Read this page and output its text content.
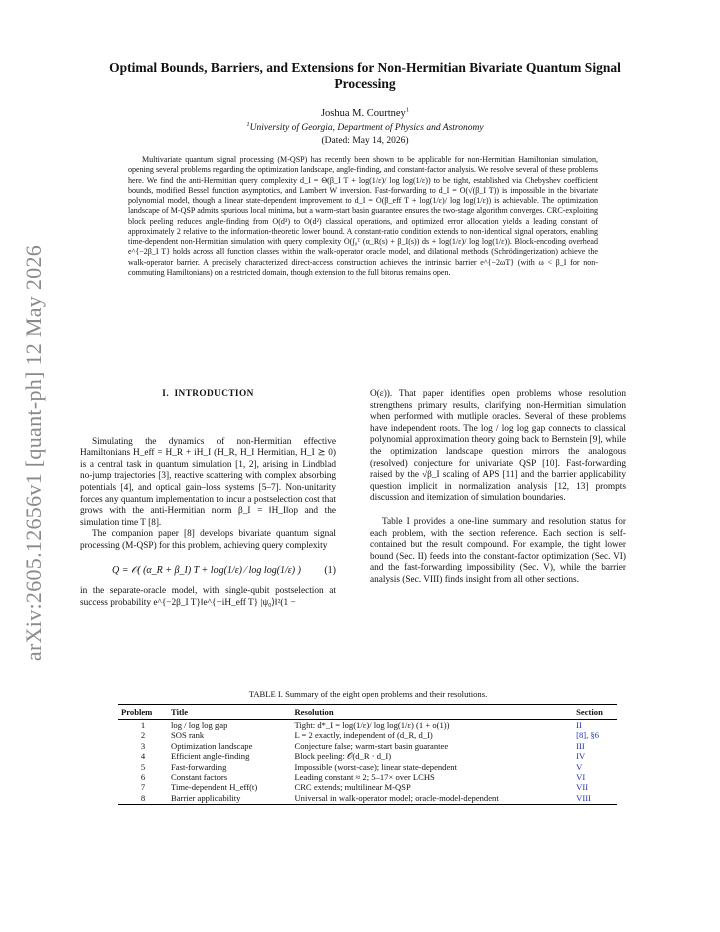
arXiv:2605.12656v1 [quant-ph] 12 May 2026
Optimal Bounds, Barriers, and Extensions for Non-Hermitian Bivariate Quantum Signal Processing
Joshua M. Courtney$^1$
$^1$University of Georgia, Department of Physics and Astronomy
(Dated: May 14, 2026)

Multivariate quantum signal processing (M-QSP) has recently been shown to be applicable for non-Hermitian Hamiltonian simulation, opening several problems regarding the optimization landscape, angle-finding, and constant-factor analysis. We resolve several of these problems here. We find the anti-Hermitian query complexity d_I = Θ(β_I T + log(1/ε)/ log log(1/ε)) to be tight, established via Chebyshev coefficient bounds, modified Bessel function asymptotics, and Lambert W inversion. Fast-forwarding to d_I = O(√(β_I T)) is impossible in the bivariate polynomial model, though a linear state-dependent improvement to d_I = O(β_eff T + log(1/ε)/ log log(1/ε)) is achievable. The optimization landscape of M-QSP admits spurious local minima, but a warm-start basin guarantee ensures the two-stage algorithm converges. CRC-exploiting block peeling reduces angle-finding from O(d³) to O(d²) classical operations, and optimized error allocation yields a leading constant of approximately 2 relative to the information-theoretic lower bound. A constant-ratio condition extends to non-identical signal operators, enabling time-dependent non-Hermitian simulation with query complexity O(∫₀ᵀ (α_R(s) + β_I(s)) ds + log(1/ε)/ log log(1/ε)). Block-encoding overhead e^{−2β_I T} holds across all function classes within the walk-operator oracle model, and dilational methods (Schrödingerization) achieve the walk-operator barrier. A precisely characterized direct-access construction achieves the intrinsic barrier e^{−2ωT} (with ω < β_I for non-commuting Hamiltonians) on a restricted domain, though extension to the full bitorus remains open.

I. INTRODUCTION

Simulating the dynamics of non-Hermitian effective Hamiltonians H_eff = H_R + iH_I (H_R, H_I Hermitian, H_I ⪰ 0) is a central task in quantum simulation [1, 2], arising in Lindblad no-jump trajectories [3], reactive scattering with complex absorbing potentials [4], and optical gain–loss systems [5–7]. Non-unitarity forces any quantum implementation to incur a postselection cost that grows with the anti-Hermitian norm β_I = ‖H_I‖op and the simulation time T [8].

The companion paper [8] develops bivariate quantum signal processing (M-QSP) for this problem, achieving query complexity

Q = 𝒪( (α_R + β_I) T + log(1/ε) ⁄ log log(1/ε) ) (1)

in the separate-oracle model, with single-qubit postselection at success probability e^{−2β_I T}‖e^{−iH_eff T} |ψ₀⟩‖²(1 −

O(ε)). That paper identifies open problems whose resolution strengthens primary results, clarifying non-Hermitian simulation when performed with mutliple oracles. Several of these problems have independent roots. The log / log log gap connects to classical polynomial approximation theory going back to Bernstein [9], while the optimization landscape question mirrors the analogous (resolved) conjecture for univariate QSP [10]. Fast-forwarding raised by the √β_I scaling of APS [11] and the barrier applicability question implicit in normalization analysis [12, 13] prompts discussion and itemization of simulation boundaries.

Table I provides a one-line summary and resolution status for each problem, with the section reference. Each section is self-contained but the result compound. For example, the tight lower bound (Sec. II) feeds into the constant-factor optimization (Sec. VI) and the fast-forwarding impossibility (Sec. V), while the barrier analysis (Sec. VIII) finds insight from all other sections.

TABLE I. Summary of the eight open problems and their resolutions.
Problem	Title	Resolution	Section
1	log / log log gap	Tight: d*_I = log(1/ε)/ log log(1/ε) (1 + o(1))	II
2	SOS rank	L = 2 exactly, independent of (d_R, d_I)	[8], §6
3	Optimization landscape	Conjecture false; warm-start basin guarantee	III
4	Efficient angle-finding	Block peeling: 𝒪(d_R · d_I)	IV
5	Fast-forwarding	Impossible (worst-case); linear state-dependent	V
6	Constant factors	Leading constant ≈ 2; 5–17× over LCHS	VI
7	Time-dependent H_eff(t)	CRC extends; multilinear M-QSP	VII
8	Barrier applicability	Universal in walk-operator model; oracle-model-dependent	VIII
